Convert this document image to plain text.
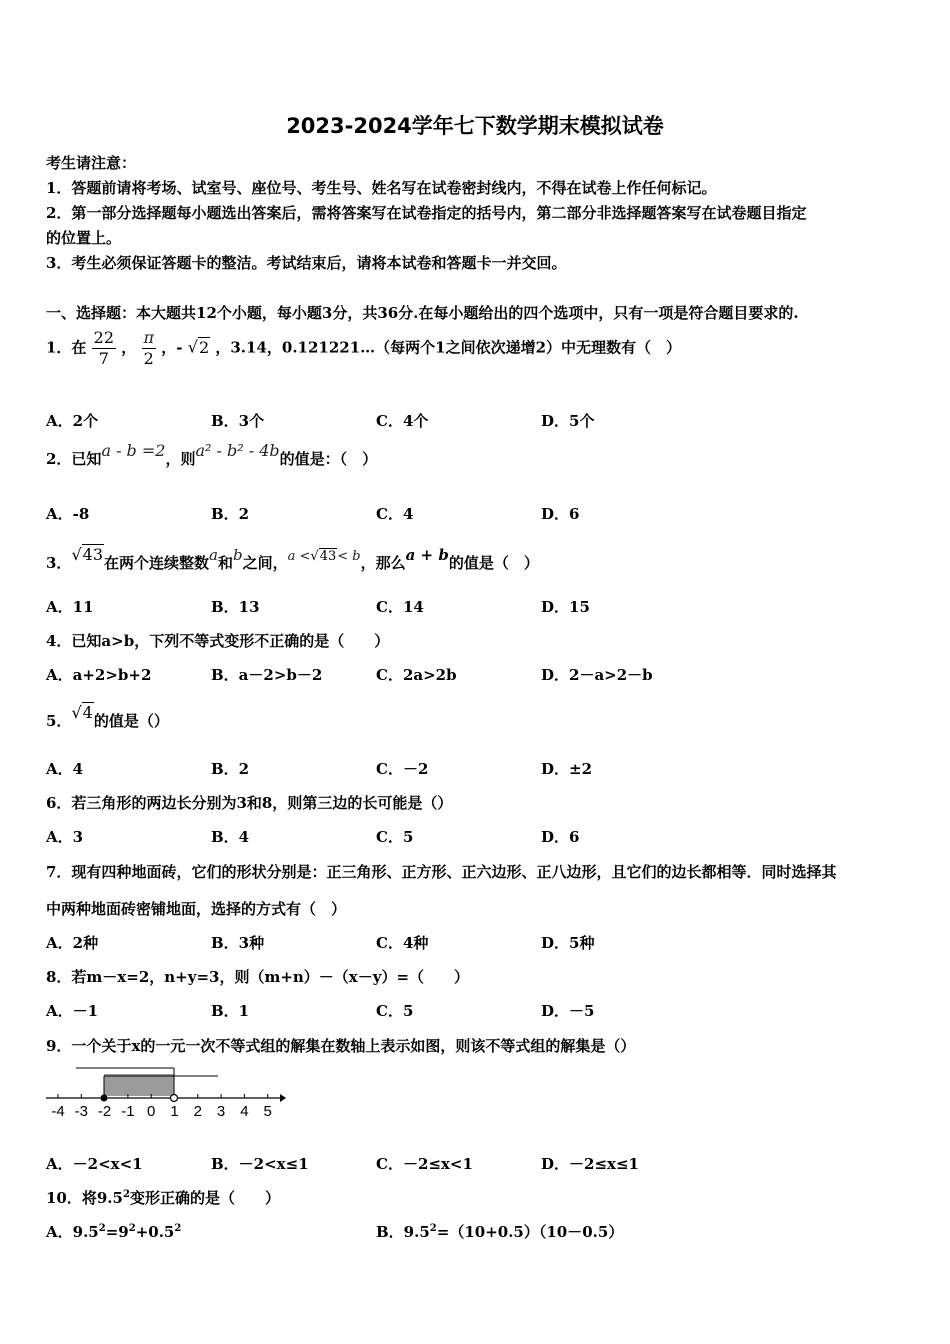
2023-2024学年七下数学期末模拟试卷
考生请注意：
1．答题前请将考场、试室号、座位号、考生号、姓名写在试卷密封线内，不得在试卷上作任何标记。
2．第一部分选择题每小题选出答案后，需将答案写在试卷指定的括号内，第二部分非选择题答案写在试卷题目指定
的位置上。
3．考生必须保证答题卡的整洁。考试结束后，请将本试卷和答题卡一并交回。
一、选择题：本大题共12个小题，每小题3分，共36分.在每小题给出的四个选项中，只有一项是符合题目要求的.
1．在 $\frac{22}{7}$ ， $\frac{\pi}{2}$ ，- √2 ，3.14，0.121221…（每两个1之间依次递增2）中无理数有（　）
A．2个	B．3个	C．4个	D．5个
2．已知a - b =2，则a² - b² - 4b的值是：（　）
A．-8	B．2	C．4	D．6
3．√43在两个连续整数a和b之间，a <√43< b，那么a + b的值是（　）
A．11	B．13	C．14	D．15
4．已知a>b，下列不等式变形不正确的是（　　）
A．a+2>b+2	B．a－2>b－2	C．2a>2b	D．2－a>2－b
5．√4的值是（）
A．4	B．2	C．－2	D．±2
6．若三角形的两边长分别为3和8，则第三边的长可能是（）
A．3	B．4	C．5	D．6
7．现有四种地面砖，它们的形状分别是：正三角形、正方形、正六边形、正八边形，且它们的边长都相等．同时选择其
中两种地面砖密铺地面，选择的方式有（　）
A．2种	B．3种	C．4种	D．5种
8．若m－x=2，n+y=3，则（m+n）－（x－y）=（　　）
A．－1	B．1	C．5	D．－5
9．一个关于x的一元一次不等式组的解集在数轴上表示如图，则该不等式组的解集是（）
-4 -3 -2 -1 0 1 2 3 4 5
A．－2<x<1	B．－2<x≤1	C．－2≤x<1	D．－2≤x≤1
10．将$9.5^2$变形正确的是（　　）
A．$9.5^2=9^2+0.5^2$	B．$9.5^2=(10+0.5)(10-0.5)$
